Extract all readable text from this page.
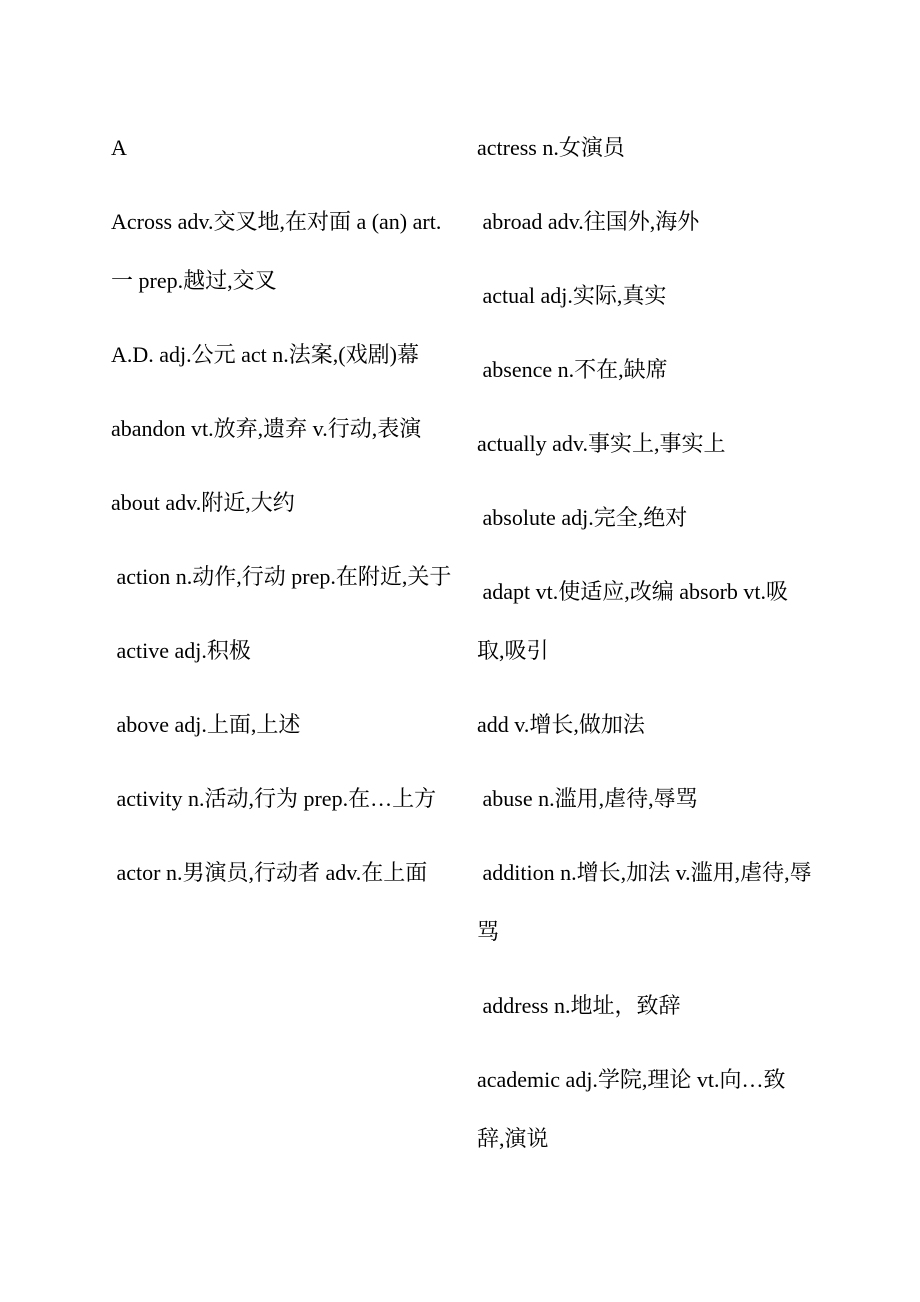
A
Across adv.交叉地,在对面 a (an) art.一 prep.越过,交叉
A.D. adj.公元 act n.法案,(戏剧)幕
abandon vt.放弃,遗弃 v.行动,表演
about adv.附近,大约
action n.动作,行动 prep.在附近,关于
active adj.积极
above adj.上面,上述
activity n.活动,行为 prep.在…上方
actor n.男演员,行动者 adv.在上面
actress n.女演员
abroad adv.往国外,海外
actual adj.实际,真实
absence n.不在,缺席
actually adv.事实上,事实上
absolute adj.完全,绝对
adapt vt.使适应,改编 absorb vt.吸取,吸引
add v.增长,做加法
abuse n.滥用,虐待,辱骂
addition n.增长,加法 v.滥用,虐待,辱骂
address n.地址，致辞
academic adj.学院,理论 vt.向…致辞,演说
